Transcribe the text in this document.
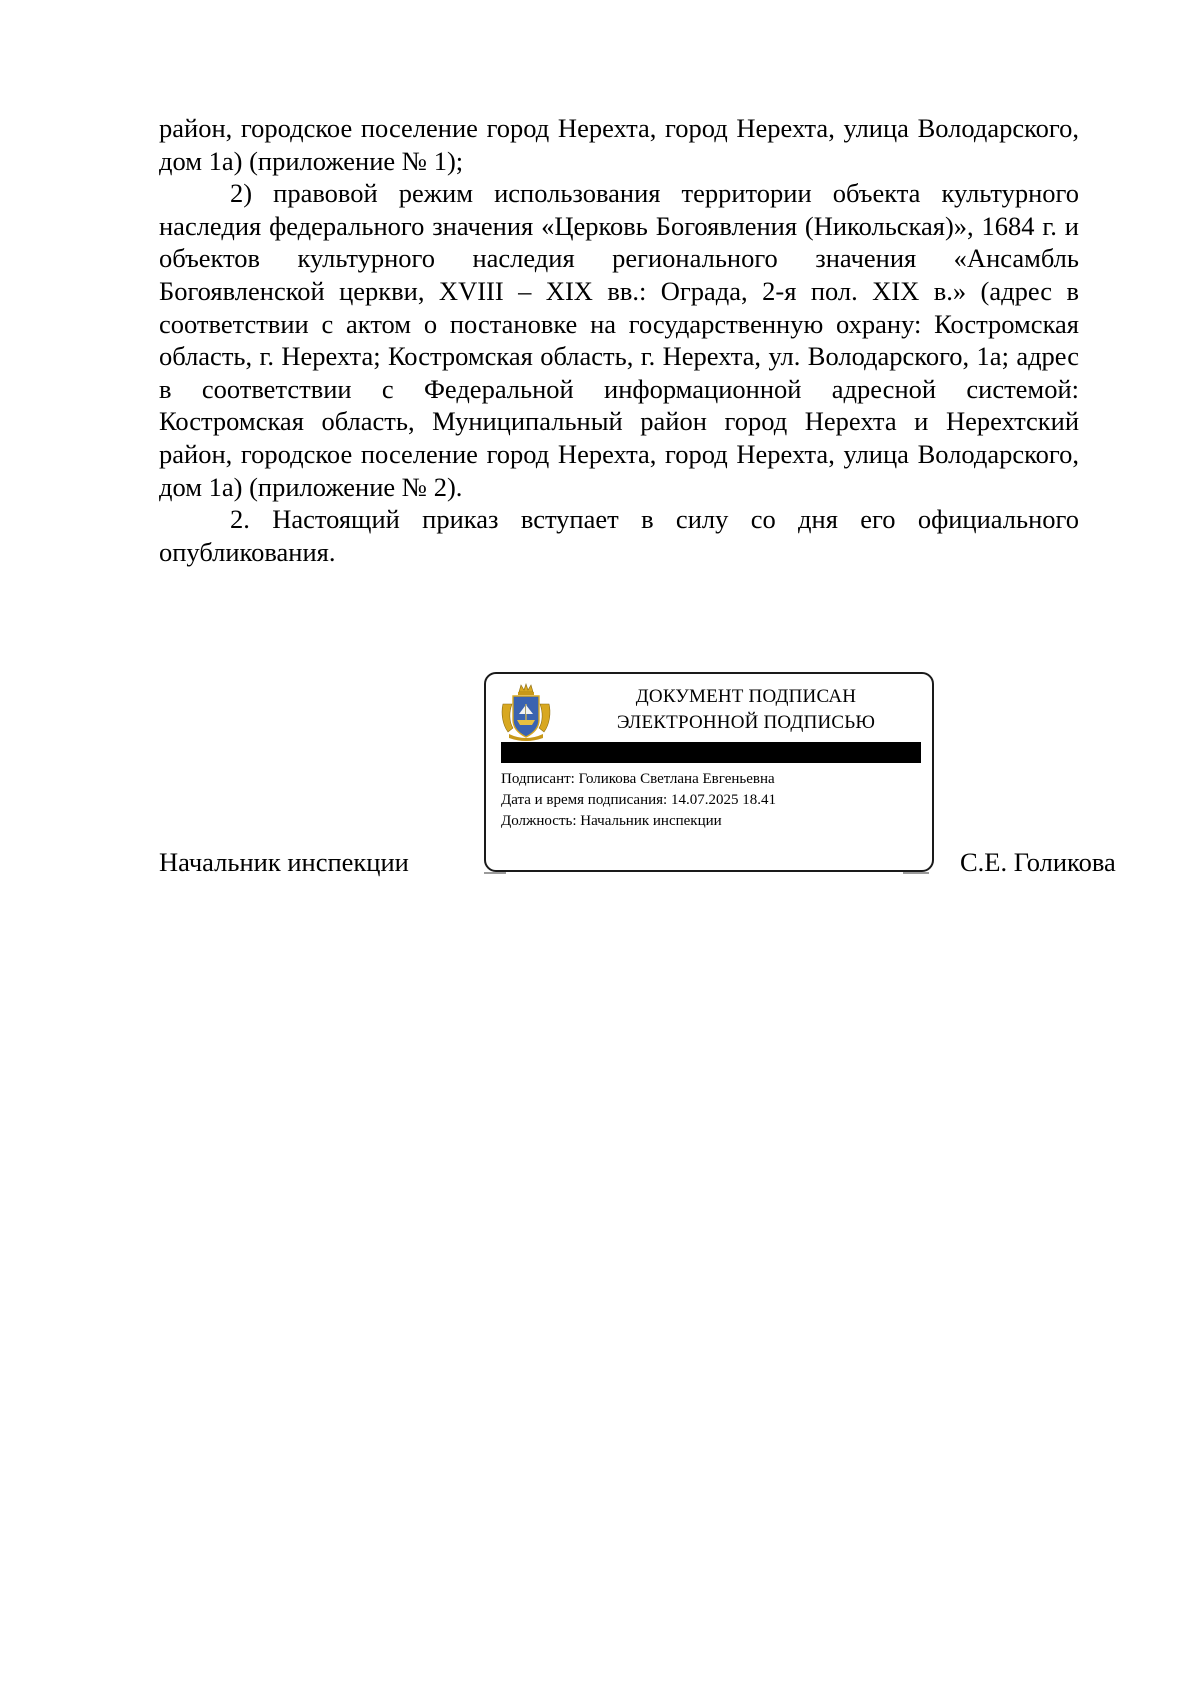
район, городское поселение город Нерехта, город Нерехта, улица Володарского, дом 1а) (приложение № 1);

2) правовой режим использования территории объекта культурного наследия федерального значения «Церковь Богоявления (Никольская)», 1684 г. и объектов культурного наследия регионального значения «Ансамбль Богоявленской церкви, XVIII – XIX вв.: Ограда, 2-я пол. XIX в.» (адрес в соответствии с актом о постановке на государственную охрану: Костромская область, г. Нерехта; Костромская область, г. Нерехта, ул. Володарского, 1а; адрес в соответствии с Федеральной информационной адресной системой: Костромская область, Муниципальный район город Нерехта и Нерехтский район, городское поселение город Нерехта, город Нерехта, улица Володарского, дом 1а) (приложение № 2).

2. Настоящий приказ вступает в силу со дня его официального опубликования.

ДОКУМЕНТ ПОДПИСАН
ЭЛЕКТРОННОЙ ПОДПИСЬЮ
Подписант: Голикова Светлана Евгеньевна
Дата и время подписания: 14.07.2025 18.41
Должность: Начальник инспекции
Начальник инспекции	С.Е. Голикова
